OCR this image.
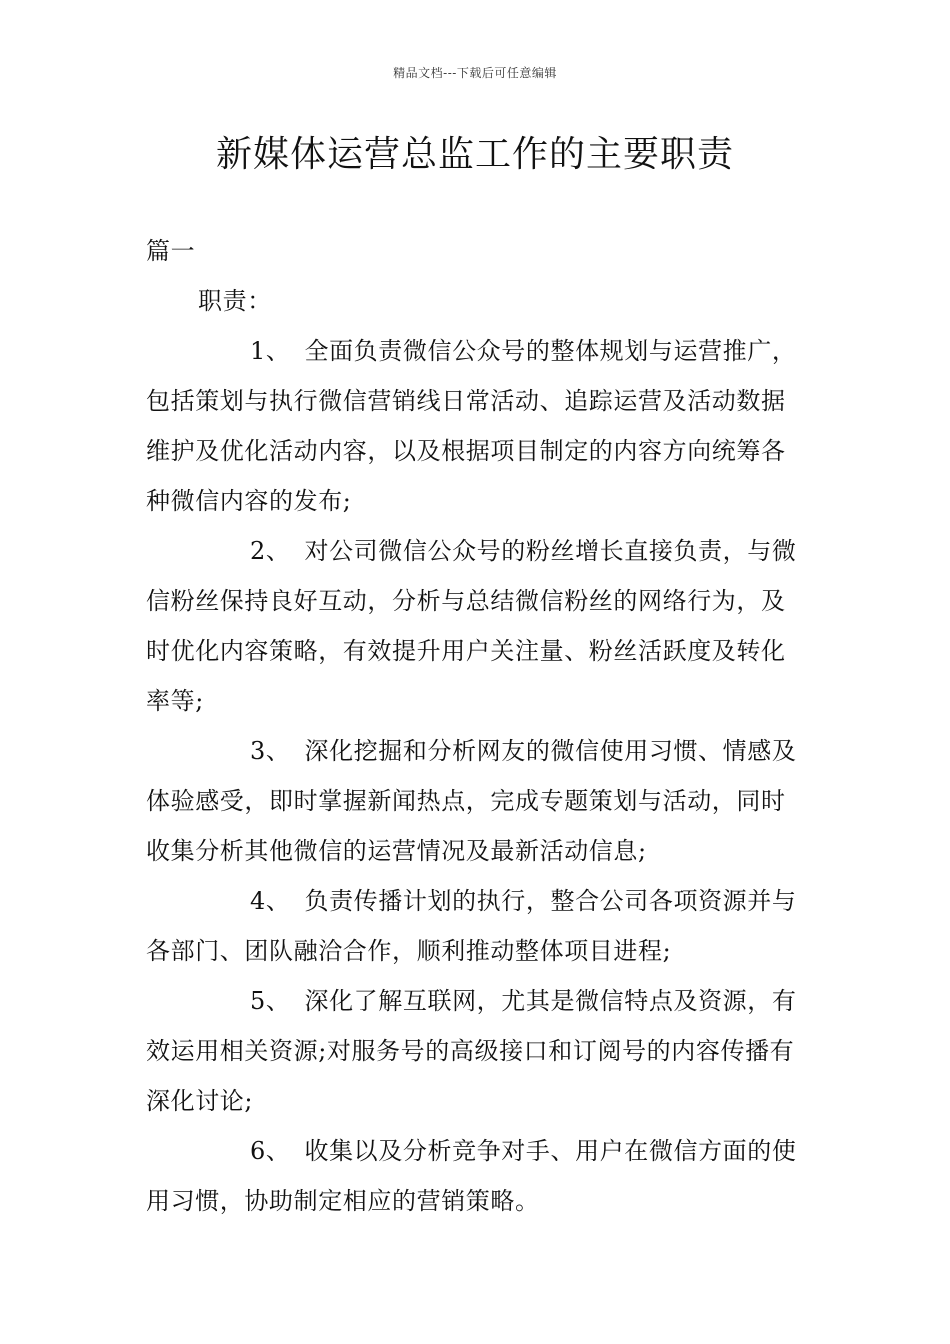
精品文档---下载后可任意编辑
新媒体运营总监工作的主要职责

篇一

职责：

1、 全面负责微信公众号的整体规划与运营推广，包括策划与执行微信营销线日常活动、追踪运营及活动数据维护及优化活动内容，以及根据项目制定的内容方向统筹各种微信内容的发布;

2、 对公司微信公众号的粉丝增长直接负责，与微信粉丝保持良好互动，分析与总结微信粉丝的网络行为，及时优化内容策略，有效提升用户关注量、粉丝活跃度及转化率等;

3、 深化挖掘和分析网友的微信使用习惯、情感及体验感受，即时掌握新闻热点，完成专题策划与活动，同时收集分析其他微信的运营情况及最新活动信息;

4、 负责传播计划的执行，整合公司各项资源并与各部门、团队融洽合作，顺利推动整体项目进程;

5、 深化了解互联网，尤其是微信特点及资源，有效运用相关资源;对服务号的高级接口和订阅号的内容传播有深化讨论;

6、 收集以及分析竞争对手、用户在微信方面的使用习惯，协助制定相应的营销策略。
